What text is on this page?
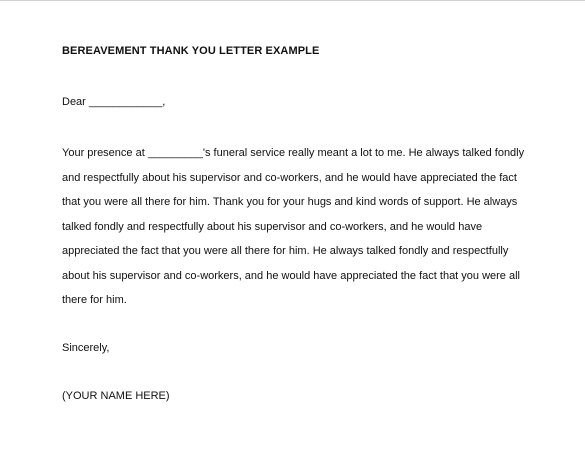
BEREAVEMENT THANK YOU LETTER EXAMPLE
Dear ____________,
Your presence at _________'s funeral service really meant a lot to me. He always talked fondly
and respectfully about his supervisor and co-workers, and he would have appreciated the fact
that you were all there for him. Thank you for your hugs and kind words of support. He always
talked fondly and respectfully about his supervisor and co-workers, and he would have
appreciated the fact that you were all there for him. He always talked fondly and respectfully
about his supervisor and co-workers, and he would have appreciated the fact that you were all
there for him.
Sincerely,
(YOUR NAME HERE)
